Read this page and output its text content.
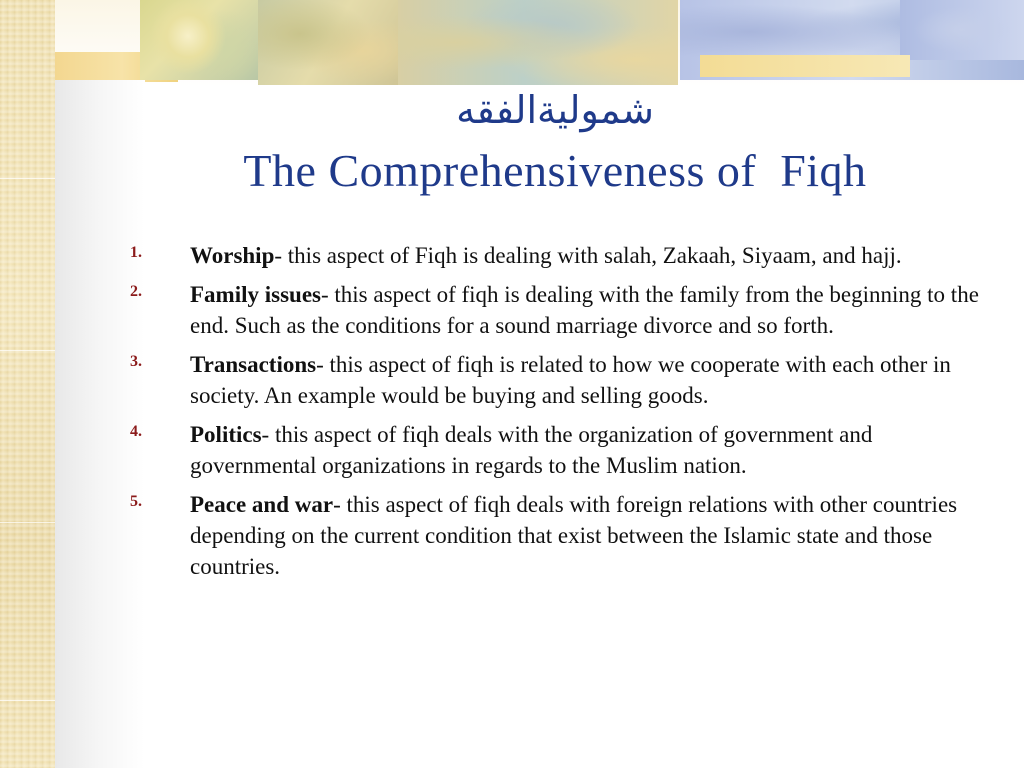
شموليةالفقه
The Comprehensiveness of  Fiqh
1. Worship- this aspect of Fiqh is dealing with salah, Zakaah, Siyaam, and hajj.
2. Family issues- this aspect of fiqh is dealing with the family from the beginning to the end. Such as the conditions for a sound marriage divorce and so forth.
3. Transactions- this aspect of fiqh is related to how we cooperate with each other in society. An example would be buying and selling goods.
4. Politics- this aspect of fiqh deals with the organization of government and governmental organizations in regards to the Muslim nation.
5. Peace and war- this aspect of fiqh deals with foreign relations with other countries depending on the current condition that exist between the Islamic state and those countries.
